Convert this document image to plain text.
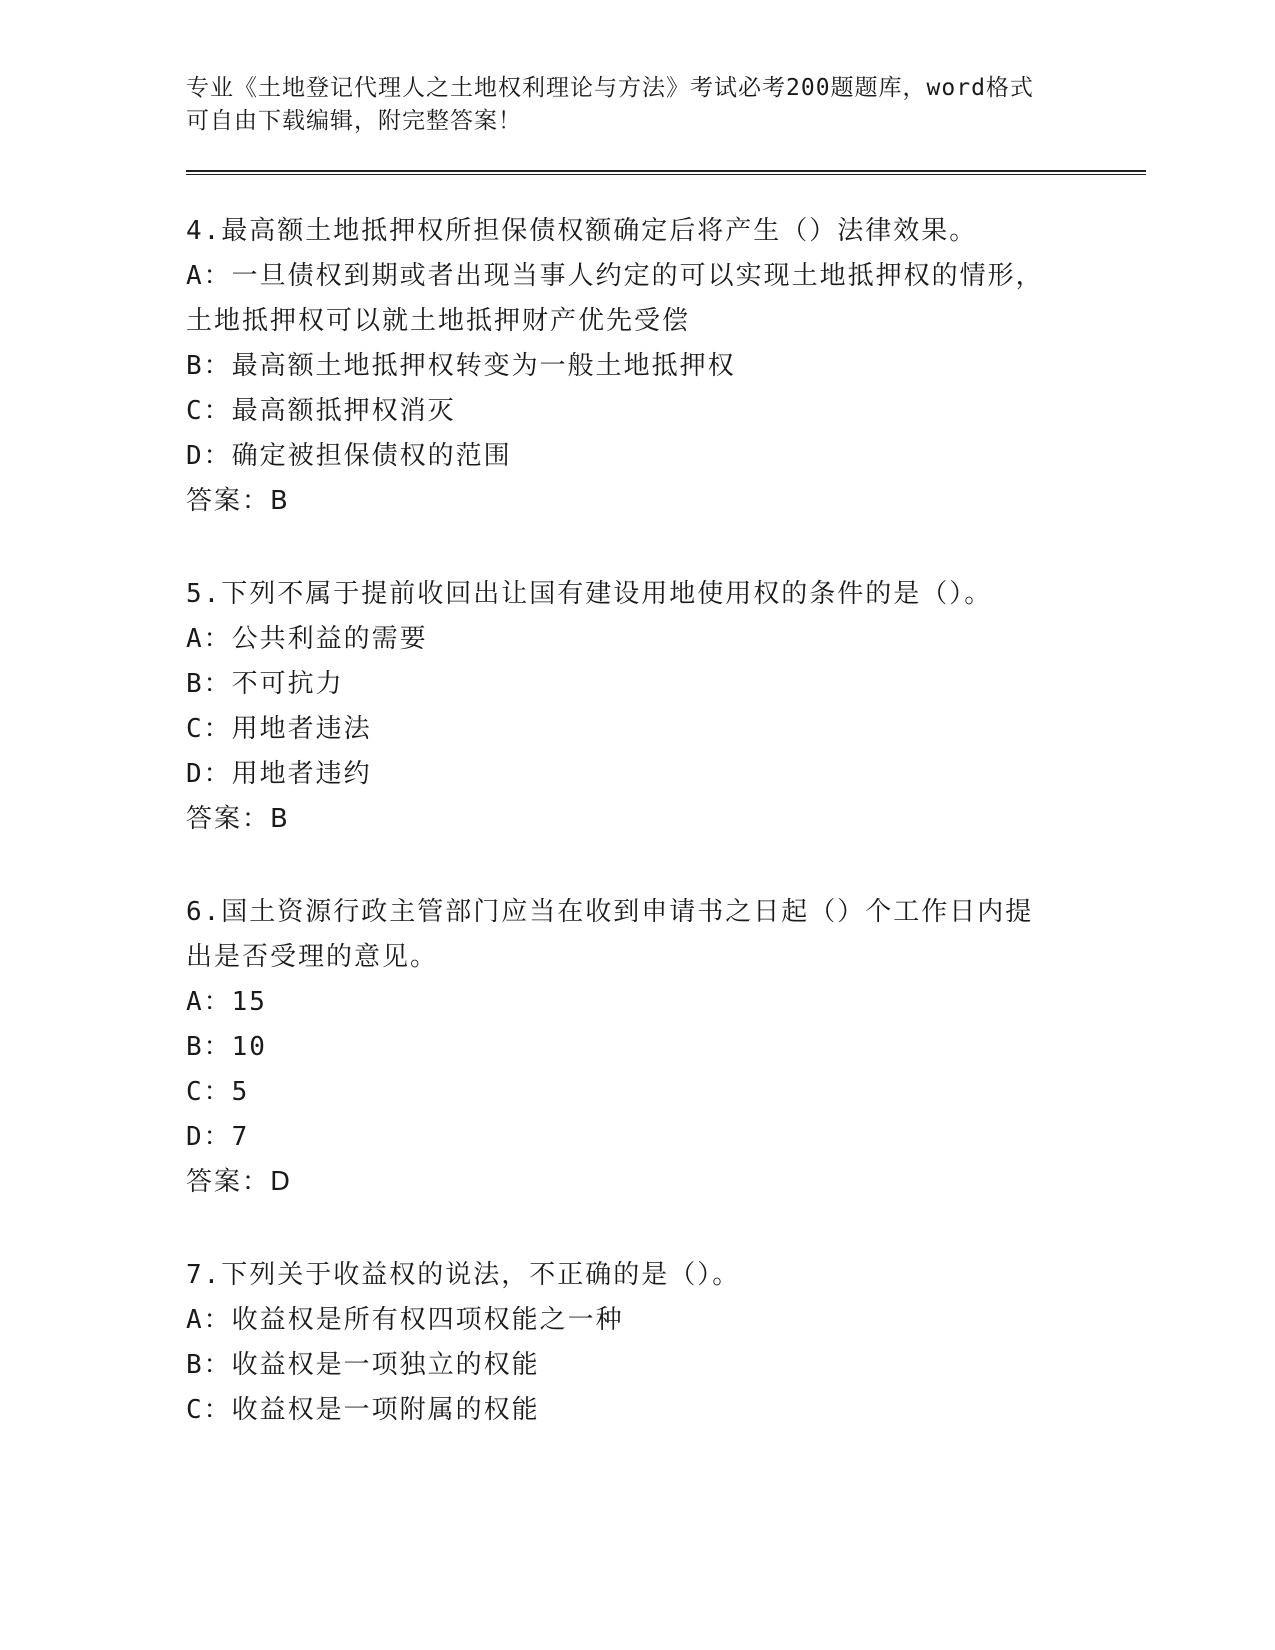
专业《土地登记代理人之土地权利理论与方法》考试必考200题题库，word格式
可自由下载编辑，附完整答案！
4.最高额土地抵押权所担保债权额确定后将产生（）法律效果。
A：一旦债权到期或者出现当事人约定的可以实现土地抵押权的情形，土地抵押权可以就土地抵押财产优先受偿
B：最高额土地抵押权转变为一般土地抵押权
C：最高额抵押权消灭
D：确定被担保债权的范围
答案：B
5.下列不属于提前收回出让国有建设用地使用权的条件的是（）。
A：公共利益的需要
B：不可抗力
C：用地者违法
D：用地者违约
答案：B
6.国土资源行政主管部门应当在收到申请书之日起（）个工作日内提出是否受理的意见。
A：15
B：10
C：5
D：7
答案：D
7.下列关于收益权的说法，不正确的是（）。
A：收益权是所有权四项权能之一种
B：收益权是一项独立的权能
C：收益权是一项附属的权能
